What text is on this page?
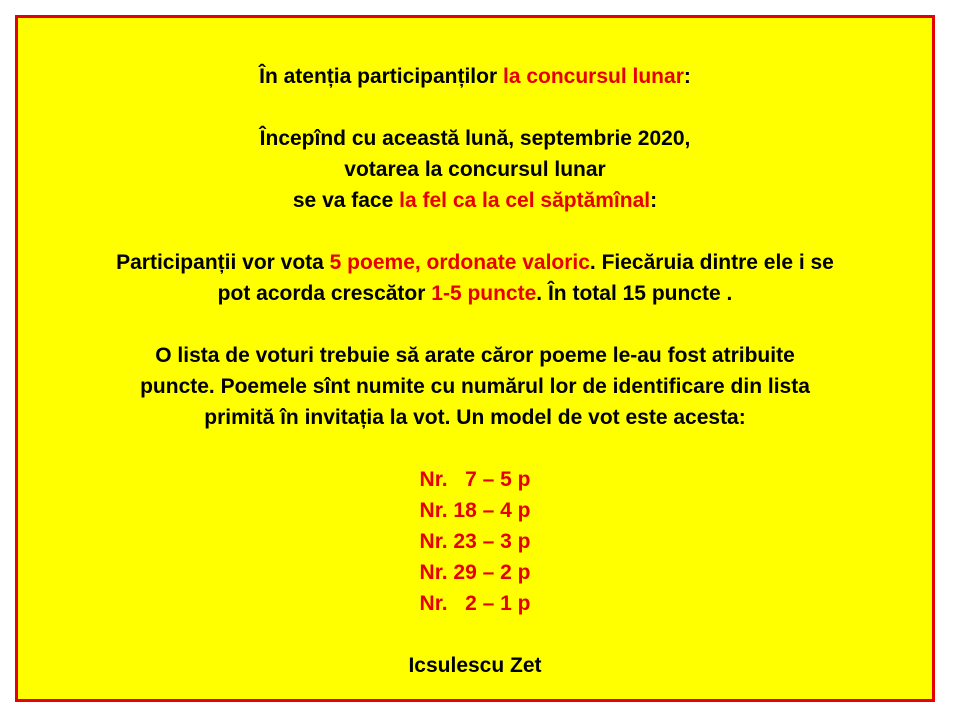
În atenția participanților la concursul lunar:
Începînd cu această lună, septembrie 2020,
votarea la concursul lunar
se va face la fel ca la cel săptămînal:
Participanții vor vota 5 poeme, ordonate valoric. Fiecăruia dintre ele i se
pot acorda crescător 1-5 puncte. În total 15 puncte .
O lista de voturi trebuie să arate căror poeme le-au fost atribuite
puncte. Poemele sînt numite cu numărul lor de identificare din lista
primită în invitația la vot. Un model de vot este acesta:
Nr.   7 – 5 p
Nr. 18 – 4 p
Nr. 23 – 3 p
Nr. 29 – 2 p
Nr.   2 – 1 p
Icsulescu Zet
